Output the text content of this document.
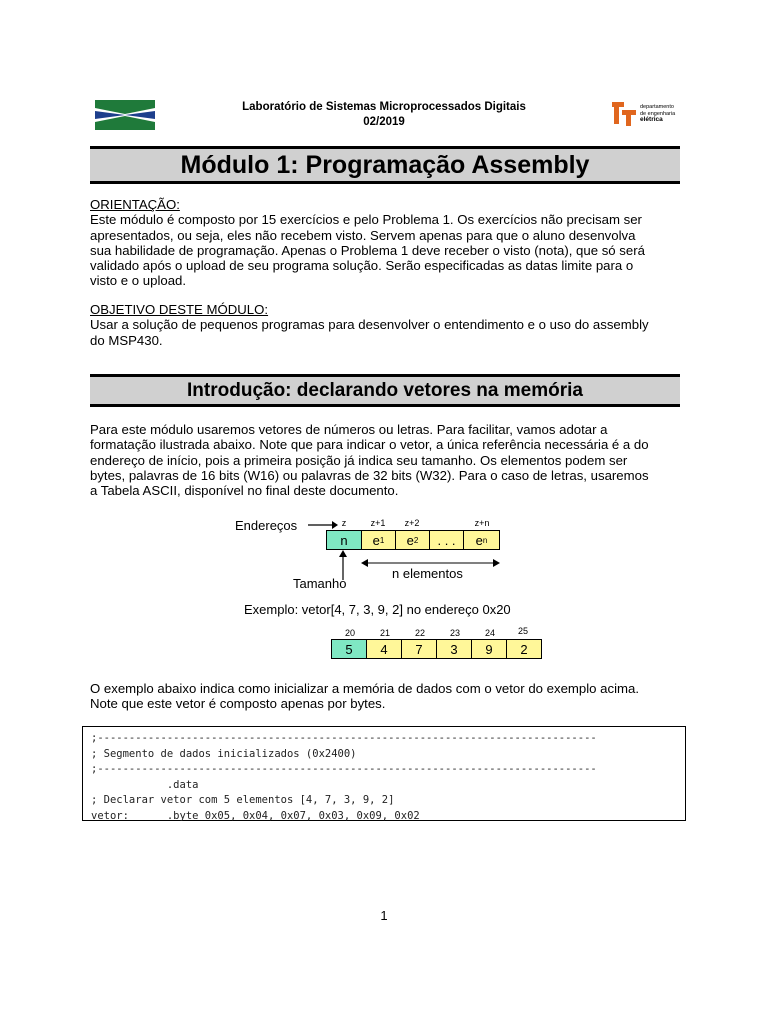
Laboratório de Sistemas Microprocessados Digitais
02/2019
departamento
de engenharia
elétrica
Módulo 1: Programação Assembly
ORIENTAÇÃO:
Este módulo é composto por 15 exercícios e pelo Problema 1. Os exercícios não precisam ser
apresentados, ou seja, eles não recebem visto. Servem apenas para que o aluno desenvolva
sua habilidade de programação. Apenas o Problema 1 deve receber o visto (nota), que só será
validado após o upload de seu programa solução. Serão especificadas as datas limite para o
visto e o upload.
OBJETIVO DESTE MÓDULO:
Usar a solução de pequenos programas para desenvolver o entendimento e o uso do assembly
do MSP430.
Introdução: declarando vetores na memória
Para este módulo usaremos vetores de números ou letras. Para facilitar, vamos adotar a
formatação ilustrada abaixo. Note que para indicar o vetor, a única referência necessária é a do
endereço de início, pois a primeira posição já indica seu tamanho. Os elementos podem ser
bytes, palavras de 16 bits (W16) ou palavras de 32 bits (W32). Para o caso de letras, usaremos
a Tabela ASCII, disponível no final deste documento.
Endereços	z	z+1	z+2	z+n
n	e 1	e 2	. . .	e n
n elementos
Tamanho
Exemplo: vetor[4, 7, 3, 9, 2] no endereço 0x20
20	21	22	23	24	25
5	4	7	3	9	2
O exemplo abaixo indica como inicializar a memória de dados com o vetor do exemplo acima.
Note que este vetor é composto apenas por bytes.
;-------------------------------------------------------------------------------
; Segmento de dados inicializados (0x2400)
;-------------------------------------------------------------------------------
.data
; Declarar vetor com 5 elementos [4, 7, 3, 9, 2]
vetor:      .byte 0x05, 0x04, 0x07, 0x03, 0x09, 0x02
1
